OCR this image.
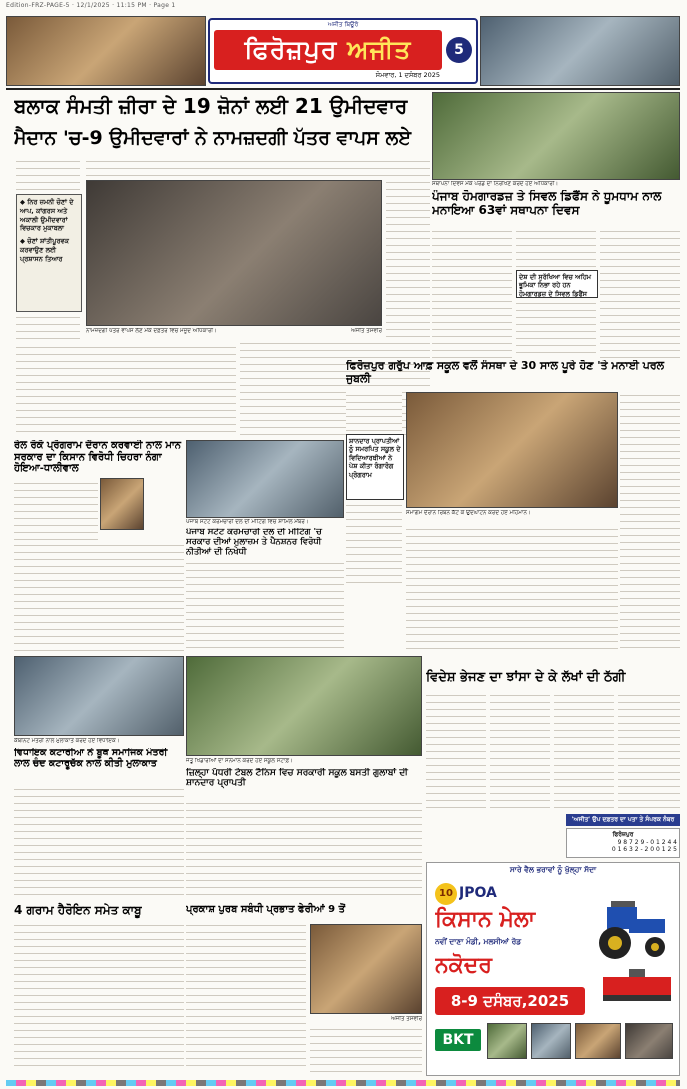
Edition-FRZ-PAGE-5 · 12/1/2025 · 11:15 PM · Page 1
ਅਜੀਤ ਬਿਊਰੋ
ਫਿਰੋਜ਼ਪੁਰ ਅਜੀਤ	5
ਸੋਮਵਾਰ, 1 ਦਸੰਬਰ 2025
ਬਲਾਕ ਸੰਮਤੀ ਜ਼ੀਰਾ ਦੇ 19 ਜ਼ੋਨਾਂ ਲਈ 21 ਉਮੀਦਵਾਰ
ਮੈਦਾਨ 'ਚ-9 ਉਮੀਦਵਾਰਾਂ ਨੇ ਨਾਮਜ਼ਦਗੀ ਪੱਤਰ ਵਾਪਸ ਲਏ
◆ ਨਿਰ ਜ਼ਮਨੀ ਚੋਣਾਂ ਦੇ ਆਪ, ਕਾਂਗਰਸ ਅਤੇ ਅਕਾਲੀ ਉਮੀਦਵਾਰਾਂ ਵਿਚਕਾਰ ਮੁਕਾਬਲਾ
◆ ਚੋਣਾਂ ਸ਼ਾਂਤੀਪੂਰਵਕ ਕਰਵਾਉਣ ਲਈ ਪ੍ਰਸ਼ਾਸਨ ਤਿਆਰ
ਨਾਮਜ਼ਦਗੀ ਪੱਤਰ ਵਾਪਸ ਲੈਣ ਮੌਕੇ ਦਫ਼ਤਰ ਵਿਚ ਮੌਜੂਦ ਅਧਿਕਾਰੀ।	ਅਜੀਤ ਤਸਵੀਰ
ਸਥਾਪਨਾ ਦਿਵਸ ਮੌਕੇ ਪਰੇਡ ਦਾ ਨਿਰੀਖਣ ਕਰਦੇ ਹੋਏ ਅਧਿਕਾਰੀ।
ਪੰਜਾਬ ਹੋਮਗਾਰਡਜ਼ ਤੇ ਸਿਵਲ ਡਿਫੈਂਸ ਨੇ ਧੂਮਧਾਮ ਨਾਲ ਮਨਾਇਆ 63ਵਾਂ ਸਥਾਪਨਾ ਦਿਵਸ
ਦੇਸ਼ ਦੀ ਸੁਰੱਖਿਆ ਵਿਚ ਅਹਿਮ ਭੂਮਿਕਾ ਨਿਭਾ ਰਹੇ ਹਨ ਹੋਮਗਾਰਡਜ਼ ਦੇ ਸਿਵਲ ਡਿਫੈਂਸ
ਰੇਲ ਰੋਕੋ ਪ੍ਰੋਗਰਾਮ ਦੌਰਾਨ ਕਰਵਾਈ ਨਾਲ ਮਾਨ ਸਰਕਾਰ ਦਾ ਕਿਸਾਨ ਵਿਰੋਧੀ ਚਿਹਰਾ ਨੰਗਾ ਹੋਇਆ-ਧਾਲੀਵਾਲ
ਪੰਜਾਬ ਸਟੇਟ ਕਰਮਚਾਰੀ ਦਲ ਦੀ ਮੀਟਿੰਗ ਵਿਚ ਸ਼ਾਮਿਲ ਮੈਂਬਰ।
ਪੰਜਾਬ ਸਟੇਟ ਕਰਮਚਾਰੀ ਦਲ ਦੀ ਮੀਟਿੰਗ 'ਚ ਸਰਕਾਰ ਦੀਆਂ ਮੁਲਾਜ਼ਮ ਤੇ ਪੈਨਸ਼ਨਰ ਵਿਰੋਧੀ ਨੀਤੀਆਂ ਦੀ ਨਿਖੇਧੀ
ਫਿਰੋਜ਼ਪੁਰ ਗਰੁੱਪ ਆਫ਼ ਸਕੂਲ ਵਲੋਂ ਸੰਸਥਾ ਦੇ 30 ਸਾਲ ਪੂਰੇ ਹੋਣ 'ਤੇ ਮਨਾਈ ਪਰਲ ਜੁਬਲੀ
ਸ਼ਾਨਦਾਰ ਪ੍ਰਾਪਤੀਆਂ ਨੂੰ ਸਮਰਪਿਤ ਸਕੂਲ ਦੇ ਵਿਦਿਆਰਥੀਆਂ ਨੇ ਪੇਸ਼ ਕੀਤਾ ਰੰਗਾਰੰਗ ਪ੍ਰੋਗਰਾਮ
ਸਮਾਗਮ ਦੌਰਾਨ ਰਿਬਨ ਕੱਟ ਕੇ ਉਦਘਾਟਨ ਕਰਦੇ ਹੋਏ ਮਹਿਮਾਨ।
ਕੈਬਨਿਟ ਮੰਤਰੀ ਨਾਲ ਮੁਲਾਕਾਤ ਕਰਦੇ ਹੋਏ ਵਿਧਾਇਕ।
ਵਿਧਾਇਕ ਕਟਾਰੀਆ ਨੇ ਬੂਥ ਸਮਾਜਿਕ ਮੰਤਰੀ ਲਾਲ ਚੰਦ ਕਟਾਰੂਚੱਕ ਨਾਲ ਕੀਤੀ ਮੁਲਾਕਾਤ	ਜੇਤੂ ਖਿਡਾਰੀਆਂ ਦਾ ਸਨਮਾਨ ਕਰਦੇ ਹੋਏ ਸਕੂਲ ਸਟਾਫ਼।
ਜ਼ਿਲ੍ਹਾ ਪੱਧਰੀ ਟੇਬਲ ਟੈਨਿਸ ਵਿਚ ਸਰਕਾਰੀ ਸਕੂਲ ਬਸਤੀ ਗੁਲਾਬਾਂ ਦੀ ਸ਼ਾਨਦਾਰ ਪ੍ਰਾਪਤੀ
ਵਿਦੇਸ਼ ਭੇਜਣ ਦਾ ਝਾਂਸਾ ਦੇ ਕੇ ਲੱਖਾਂ ਦੀ ਠੱਗੀ
'ਅਜੀਤ' ਉਪ ਦਫ਼ਤਰ ਦਾ ਪਤਾ ਤੇ ਸੰਪਰਕ ਨੰਬਰ
ਫਿਰੋਜ਼ਪੁਰ
9 8 7 2 9 - 0 1 2 4 4
0 1 6 3 2 - 2 0 0 1 2 5
4 ਗਰਾਮ ਹੈਰੋਇਨ ਸਮੇਤ ਕਾਬੂ	ਪ੍ਰਕਾਸ਼ ਪੁਰਬ ਸਬੰਧੀ ਪ੍ਰਭਾਤ ਫੇਰੀਆਂ 9 ਤੋਂ
ਅਜੀਤ ਤਸਵੀਰ
ਸਾਰੇ ਵੈਲ ਭਰਾਵਾਂ ਨੂੰ ਖੁੱਲ੍ਹਾ ਸੱਦਾ
10 JPOA
ਕਿਸਾਨ ਮੇਲਾ
ਨਵੀਂ ਦਾਣਾ ਮੰਡੀ, ਮਲਸੀਆਂ ਰੋਡ
ਨਕੋਦਰ
8-9 ਦਸੰਬਰ,2025
BKT
